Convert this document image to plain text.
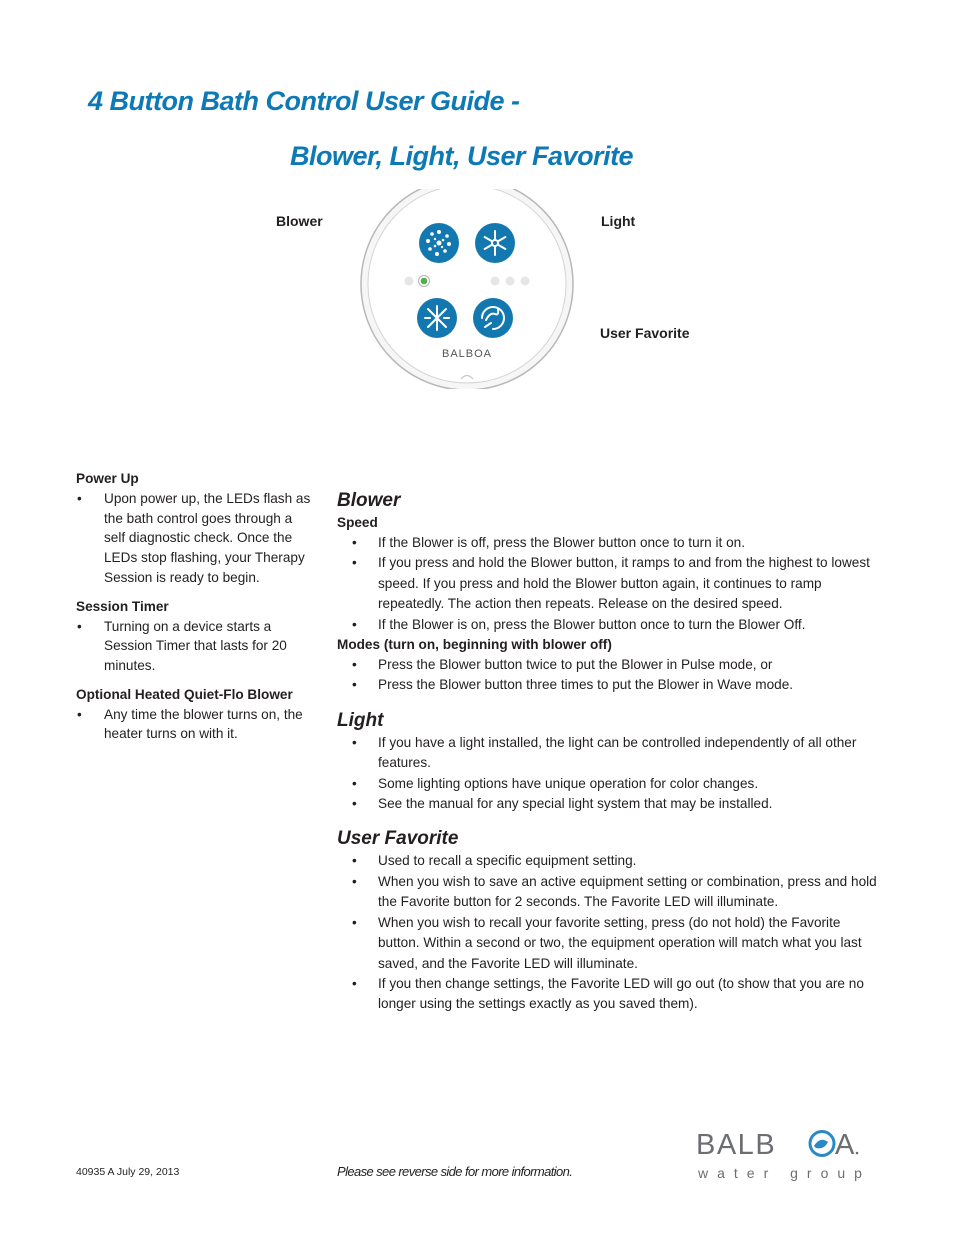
4 Button Bath Control User Guide -
Blower, Light, User Favorite
Blower	Light
User Favorite
BALBOA
Power Up
• Upon power up, the LEDs flash as the bath control goes through a self diagnostic check. Once the LEDs stop flashing, your Therapy Session is ready to begin.
Session Timer
• Turning on a device starts a Session Timer that lasts for 20 minutes.
Optional Heated Quiet-Flo Blower
• Any time the blower turns on, the heater turns on with it.
Blower
Speed
• If the Blower is off, press the Blower button once to turn it on.
• If you press and hold the Blower button, it ramps to and from the highest to lowest speed. If you press and hold the Blower button again, it continues to ramp repeatedly. The action then repeats. Release on the desired speed.
• If the Blower is on, press the Blower button once to turn the Blower Off.
Modes (turn on, beginning with blower off)
• Press the Blower button twice to put the Blower in Pulse mode, or
• Press the Blower button three times to put the Blower in Wave mode.
Light
• If you have a light installed, the light can be controlled independently of all other features.
• Some lighting options have unique operation for color changes.
• See the manual for any special light system that may be installed.
User Favorite
• Used to recall a specific equipment setting.
• When you wish to save an active equipment setting or combination, press and hold the Favorite button for 2 seconds. The Favorite LED will illuminate.
• When you wish to recall your favorite setting, press (do not hold) the Favorite button. Within a second or two, the equipment operation will match what you last saved, and the Favorite LED will illuminate.
• If you then change settings, the Favorite LED will go out (to show that you are no longer using the settings exactly as you saved them).
40935 A July 29, 2013	Please see reverse side for more information.
BALB A
water group
